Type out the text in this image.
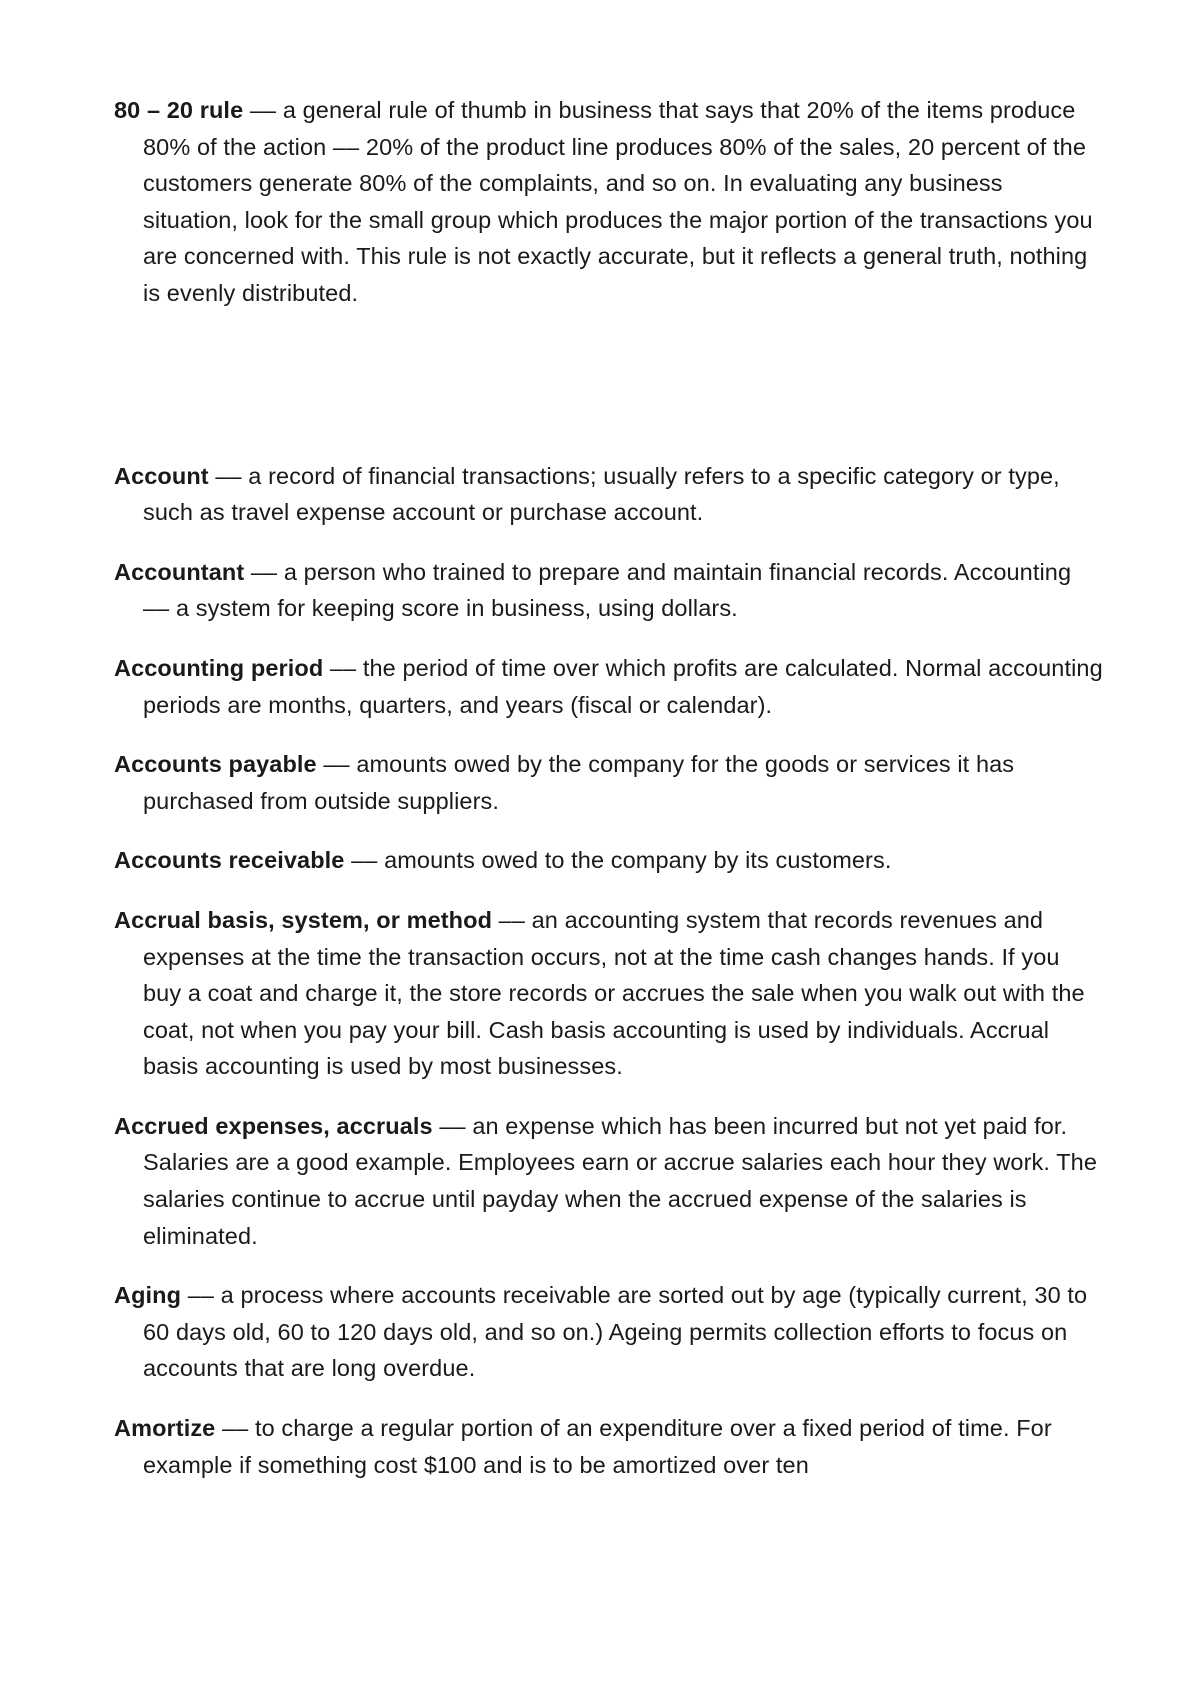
80 – 20 rule –– a general rule of thumb in business that says that 20% of the items produce 80% of the action –– 20% of the product line produces 80% of the sales, 20 percent of the customers generate 80% of the complaints, and so on. In evaluating any business situation, look for the small group which produces the major portion of the transactions you are concerned with. This rule is not exactly accurate, but it reflects a general truth, nothing is evenly distributed.

Account –– a record of financial transactions; usually refers to a specific category or type, such as travel expense account or purchase account.

Accountant –– a person who trained to prepare and maintain financial records. Accounting –– a system for keeping score in business, using dollars.

Accounting period –– the period of time over which profits are calculated. Normal accounting periods are months, quarters, and years (fiscal or calendar).

Accounts payable –– amounts owed by the company for the goods or services it has purchased from outside suppliers.

Accounts receivable –– amounts owed to the company by its customers.

Accrual basis, system, or method –– an accounting system that records revenues and expenses at the time the transaction occurs, not at the time cash changes hands. If you buy a coat and charge it, the store records or accrues the sale when you walk out with the coat, not when you pay your bill. Cash basis accounting is used by individuals. Accrual basis accounting is used by most businesses.

Accrued expenses, accruals –– an expense which has been incurred but not yet paid for. Salaries are a good example. Employees earn or accrue salaries each hour they work. The salaries continue to accrue until payday when the accrued expense of the salaries is eliminated.

Aging –– a process where accounts receivable are sorted out by age (typically current, 30 to 60 days old, 60 to 120 days old, and so on.) Ageing permits collection efforts to focus on accounts that are long overdue.

Amortize –– to charge a regular portion of an expenditure over a fixed period of time. For example if something cost $100 and is to be amortized over ten
